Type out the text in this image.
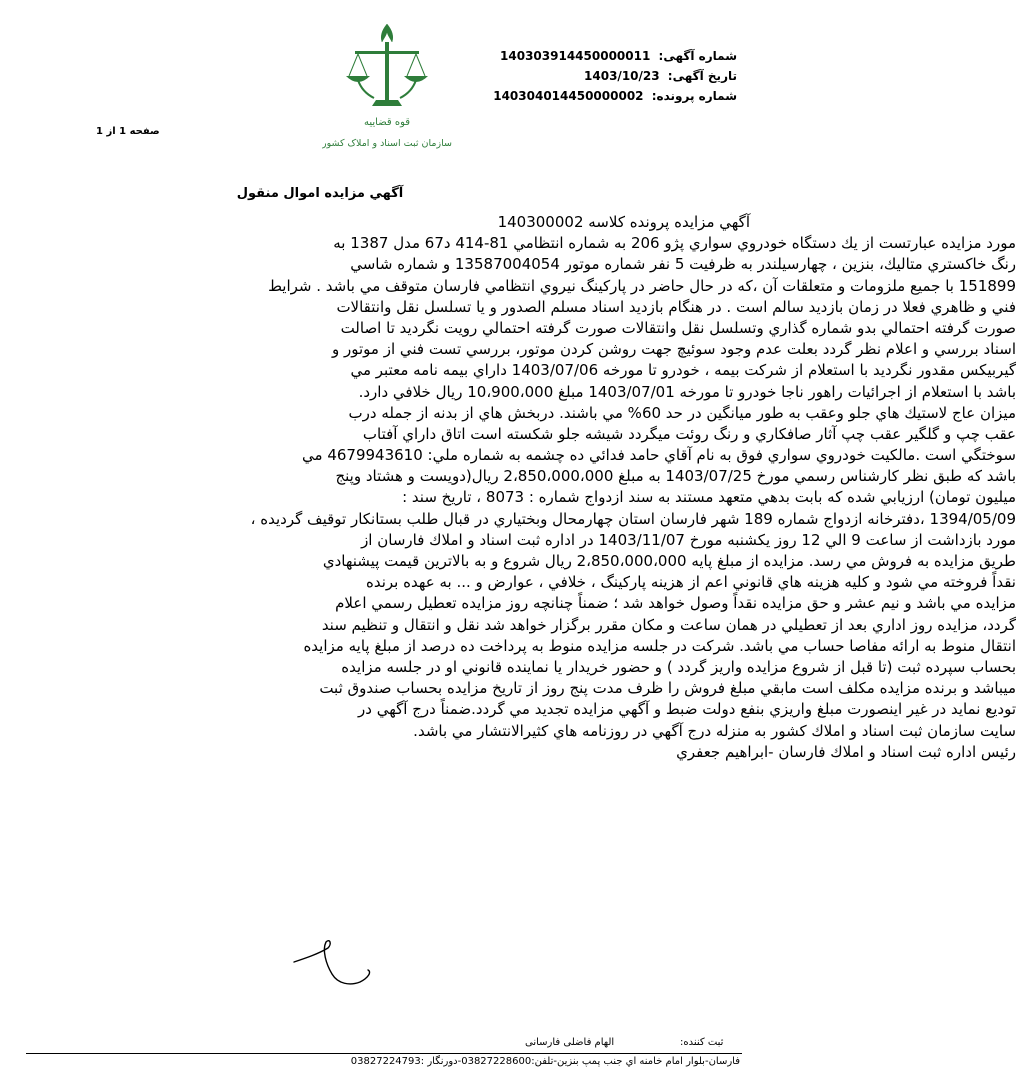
شماره آگهی: 140303914450000011
تاریخ آگهی: 1403/10/23
شماره پرونده: 140304014450000002
قوه قضاییه
سازمان ثبت اسناد و املاک کشور
صفحه 1 از 1
آگهي مزايده اموال منقول
آگهي مزايده پرونده كلاسه 140300002
مورد مزايده عبارتست از يك دستگاه خودروي سواري پژو 206 به شماره انتظامي 81-414 د67 مدل 1387 به
رنگ خاكستري متاليك، بنزين ، چهارسيلندر به ظرفيت 5 نفر شماره موتور 13587004054 و شماره شاسي
151899 با جميع ملزومات و متعلقات آن ،كه در حال حاضر در پاركينگ نيروي انتظامي فارسان متوقف مي باشد . شرايط
فني و ظاهري فعلا در زمان بازديد سالم است . در هنگام بازديد اسناد مسلم الصدور و يا تسلسل نقل وانتقالات
صورت گرفته احتمالي بدو شماره گذاري وتسلسل نقل وانتقالات صورت گرفته احتمالي رويت نگرديد تا اصالت
اسناد بررسي و اعلام نظر گردد بعلت عدم وجود سوئيچ جهت روشن كردن موتور، بررسي تست فني از موتور و
گيربيكس مقدور نگرديد با استعلام از شركت بيمه ، خودرو تا مورخه 1403/07/06 داراي بيمه نامه معتبر مي
باشد با استعلام از اجرائيات راهور ناجا خودرو تا مورخه 1403/07/01 مبلغ 10،900،000 ريال خلافي دارد.
ميزان عاج لاستيك هاي جلو وعقب به طور ميانگين در حد 60% مي باشند. دربخش هاي از بدنه از جمله درب
عقب چپ و گلگير عقب چپ آثار صافكاري و رنگ روئت ميگردد شيشه جلو شكسته است اتاق داراي آفتاب
سوختگي است .مالكيت خودروي سواري فوق به نام آقاي حامد فدائي ده چشمه به شماره ملي: 4679943610 مي
باشد كه طبق نظر كارشناس رسمي مورخ 1403/07/25 به مبلغ 2،850،000،000 ريال(دويست و هشتاد وپنج
ميليون تومان) ارزيابي شده كه بابت بدهي متعهد مستند به سند ازدواج شماره : 8073 ، تاريخ سند :
1394/05/09 ،دفترخانه ازدواج شماره 189 شهر فارسان استان چهارمحال وبختياري در قبال طلب بستانكار توقيف گرديده ،
مورد بازداشت از ساعت 9 الي 12 روز يكشنبه مورخ 1403/11/07 در اداره ثبت اسناد و املاك فارسان از
طريق مزايده به فروش مي رسد. مزايده از مبلغ پايه 2،850،000،000 ريال شروع و به بالاترين قيمت پيشنهادي
نقداً فروخته مي شود و كليه هزينه هاي قانوني اعم از هزينه پاركينگ ، خلافي ، عوارض و ... به عهده برنده
مزايده مي باشد و نيم عشر و حق مزايده نقداً وصول خواهد شد ؛ ضمناً چنانچه روز مزايده تعطيل رسمي اعلام
گردد، مزايده روز اداري بعد از تعطيلي در همان ساعت و مكان مقرر برگزار خواهد شد نقل و انتقال و تنظيم سند
انتقال منوط به ارائه مفاصا حساب مي باشد. شركت در جلسه مزايده منوط به پرداخت ده درصد از مبلغ پايه مزايده
بحساب سپرده ثبت (تا قبل از شروع مزايده واريز گردد ) و حضور خريدار يا نماينده قانوني او در جلسه مزايده
ميباشد و برنده مزايده مكلف است مابقي مبلغ فروش را ظرف مدت پنج روز از تاريخ مزايده بحساب صندوق ثبت
توديع نمايد در غير اينصورت مبلغ واريزي بنفع دولت ضبط و آگهي مزايده تجديد مي گردد.ضمناً درج آگهي در
سايت سازمان ثبت اسناد و املاك كشور به منزله درج آگهي در روزنامه هاي كثيرالانتشار مي باشد.
رئيس اداره ثبت اسناد و املاك فارسان -ابراهيم جعفري
ثبت کننده:
الهام فاضلی فارسانی
فارسان-بلوار امام خامنه اي جنب پمپ بنزين-تلفن:03827228600-دورنگار :03827224793
